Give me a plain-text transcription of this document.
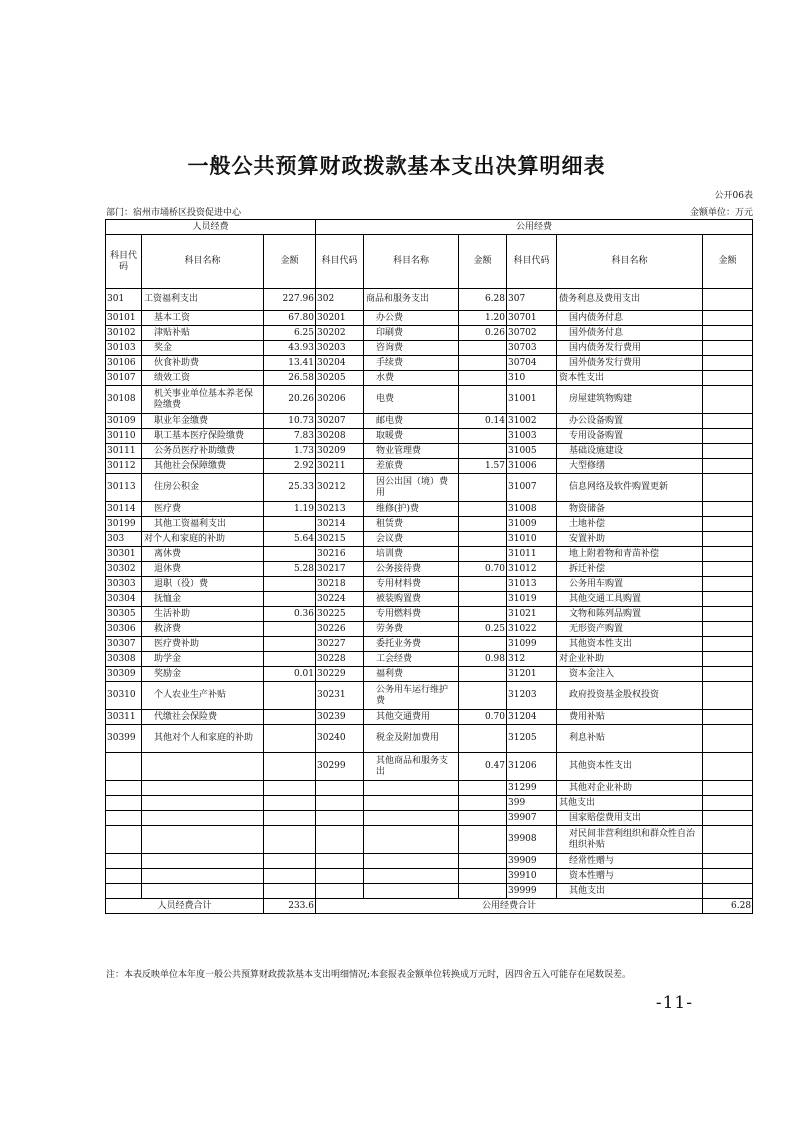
一般公共预算财政拨款基本支出决算明细表
公开06表
部门：宿州市埇桥区投资促进中心	金额单位：万元
人员经费			公用经费					
科目代码	科目名称	金额	科目代码	科目名称	金额	科目代码	科目名称	金额
301	工资福利支出	227.96	302	商品和服务支出	6.28	307	债务利息及费用支出	
30101	基本工资	67.80	30201	办公费	1.20	30701	国内债务付息	
30102	津贴补贴	6.25	30202	印刷费	0.26	30702	国外债务付息	
30103	奖金	43.93	30203	咨询费		30703	国内债务发行费用	
30106	伙食补助费	13.41	30204	手续费		30704	国外债务发行费用	
30107	绩效工资	26.58	30205	水费		310	资本性支出	
30108	机关事业单位基本养老保险缴费	20.26	30206	电费		31001	房屋建筑物购建	
30109	职业年金缴费	10.73	30207	邮电费	0.14	31002	办公设备购置	
30110	职工基本医疗保险缴费	7.83	30208	取暖费		31003	专用设备购置	
30111	公务员医疗补助缴费	1.73	30209	物业管理费		31005	基础设施建设	
30112	其他社会保障缴费	2.92	30211	差旅费	1.57	31006	大型修缮	
30113	住房公积金	25.33	30212	因公出国（境）费用		31007	信息网络及软件购置更新	
30114	医疗费	1.19	30213	维修(护)费		31008	物资储备	
30199	其他工资福利支出		30214	租赁费		31009	土地补偿	
303	对个人和家庭的补助	5.64	30215	会议费		31010	安置补助	
30301	离休费		30216	培训费		31011	地上附着物和青苗补偿	
30302	退休费	5.28	30217	公务接待费	0.70	31012	拆迁补偿	
30303	退职（役）费		30218	专用材料费		31013	公务用车购置	
30304	抚恤金		30224	被装购置费		31019	其他交通工具购置	
30305	生活补助	0.36	30225	专用燃料费		31021	文物和陈列品购置	
30306	救济费		30226	劳务费	0.25	31022	无形资产购置	
30307	医疗费补助		30227	委托业务费		31099	其他资本性支出	
30308	助学金		30228	工会经费	0.98	312	对企业补助	
30309	奖励金	0.01	30229	福利费		31201	资本金注入	
30310	个人农业生产补贴		30231	公务用车运行维护费		31203	政府投资基金股权投资	
30311	代缴社会保险费		30239	其他交通费用	0.70	31204	费用补贴	
30399	其他对个人和家庭的补助		30240	税金及附加费用		31205	利息补贴	
			30299	其他商品和服务支出	0.47	31206	其他资本性支出	
						31299	其他对企业补助	
						399	其他支出	
						39907	国家赔偿费用支出	
						39908	对民间非营利组织和群众性自治组织补贴	
						39909	经常性赠与	
						39910	资本性赠与	
						39999	其他支出	
人员经费合计		233.6	公用经费合计					6.28
注：本表反映单位本年度一般公共预算财政拨款基本支出明细情况;本套报表金额单位转换成万元时，因四舍五入可能存在尾数误差。
-11-
